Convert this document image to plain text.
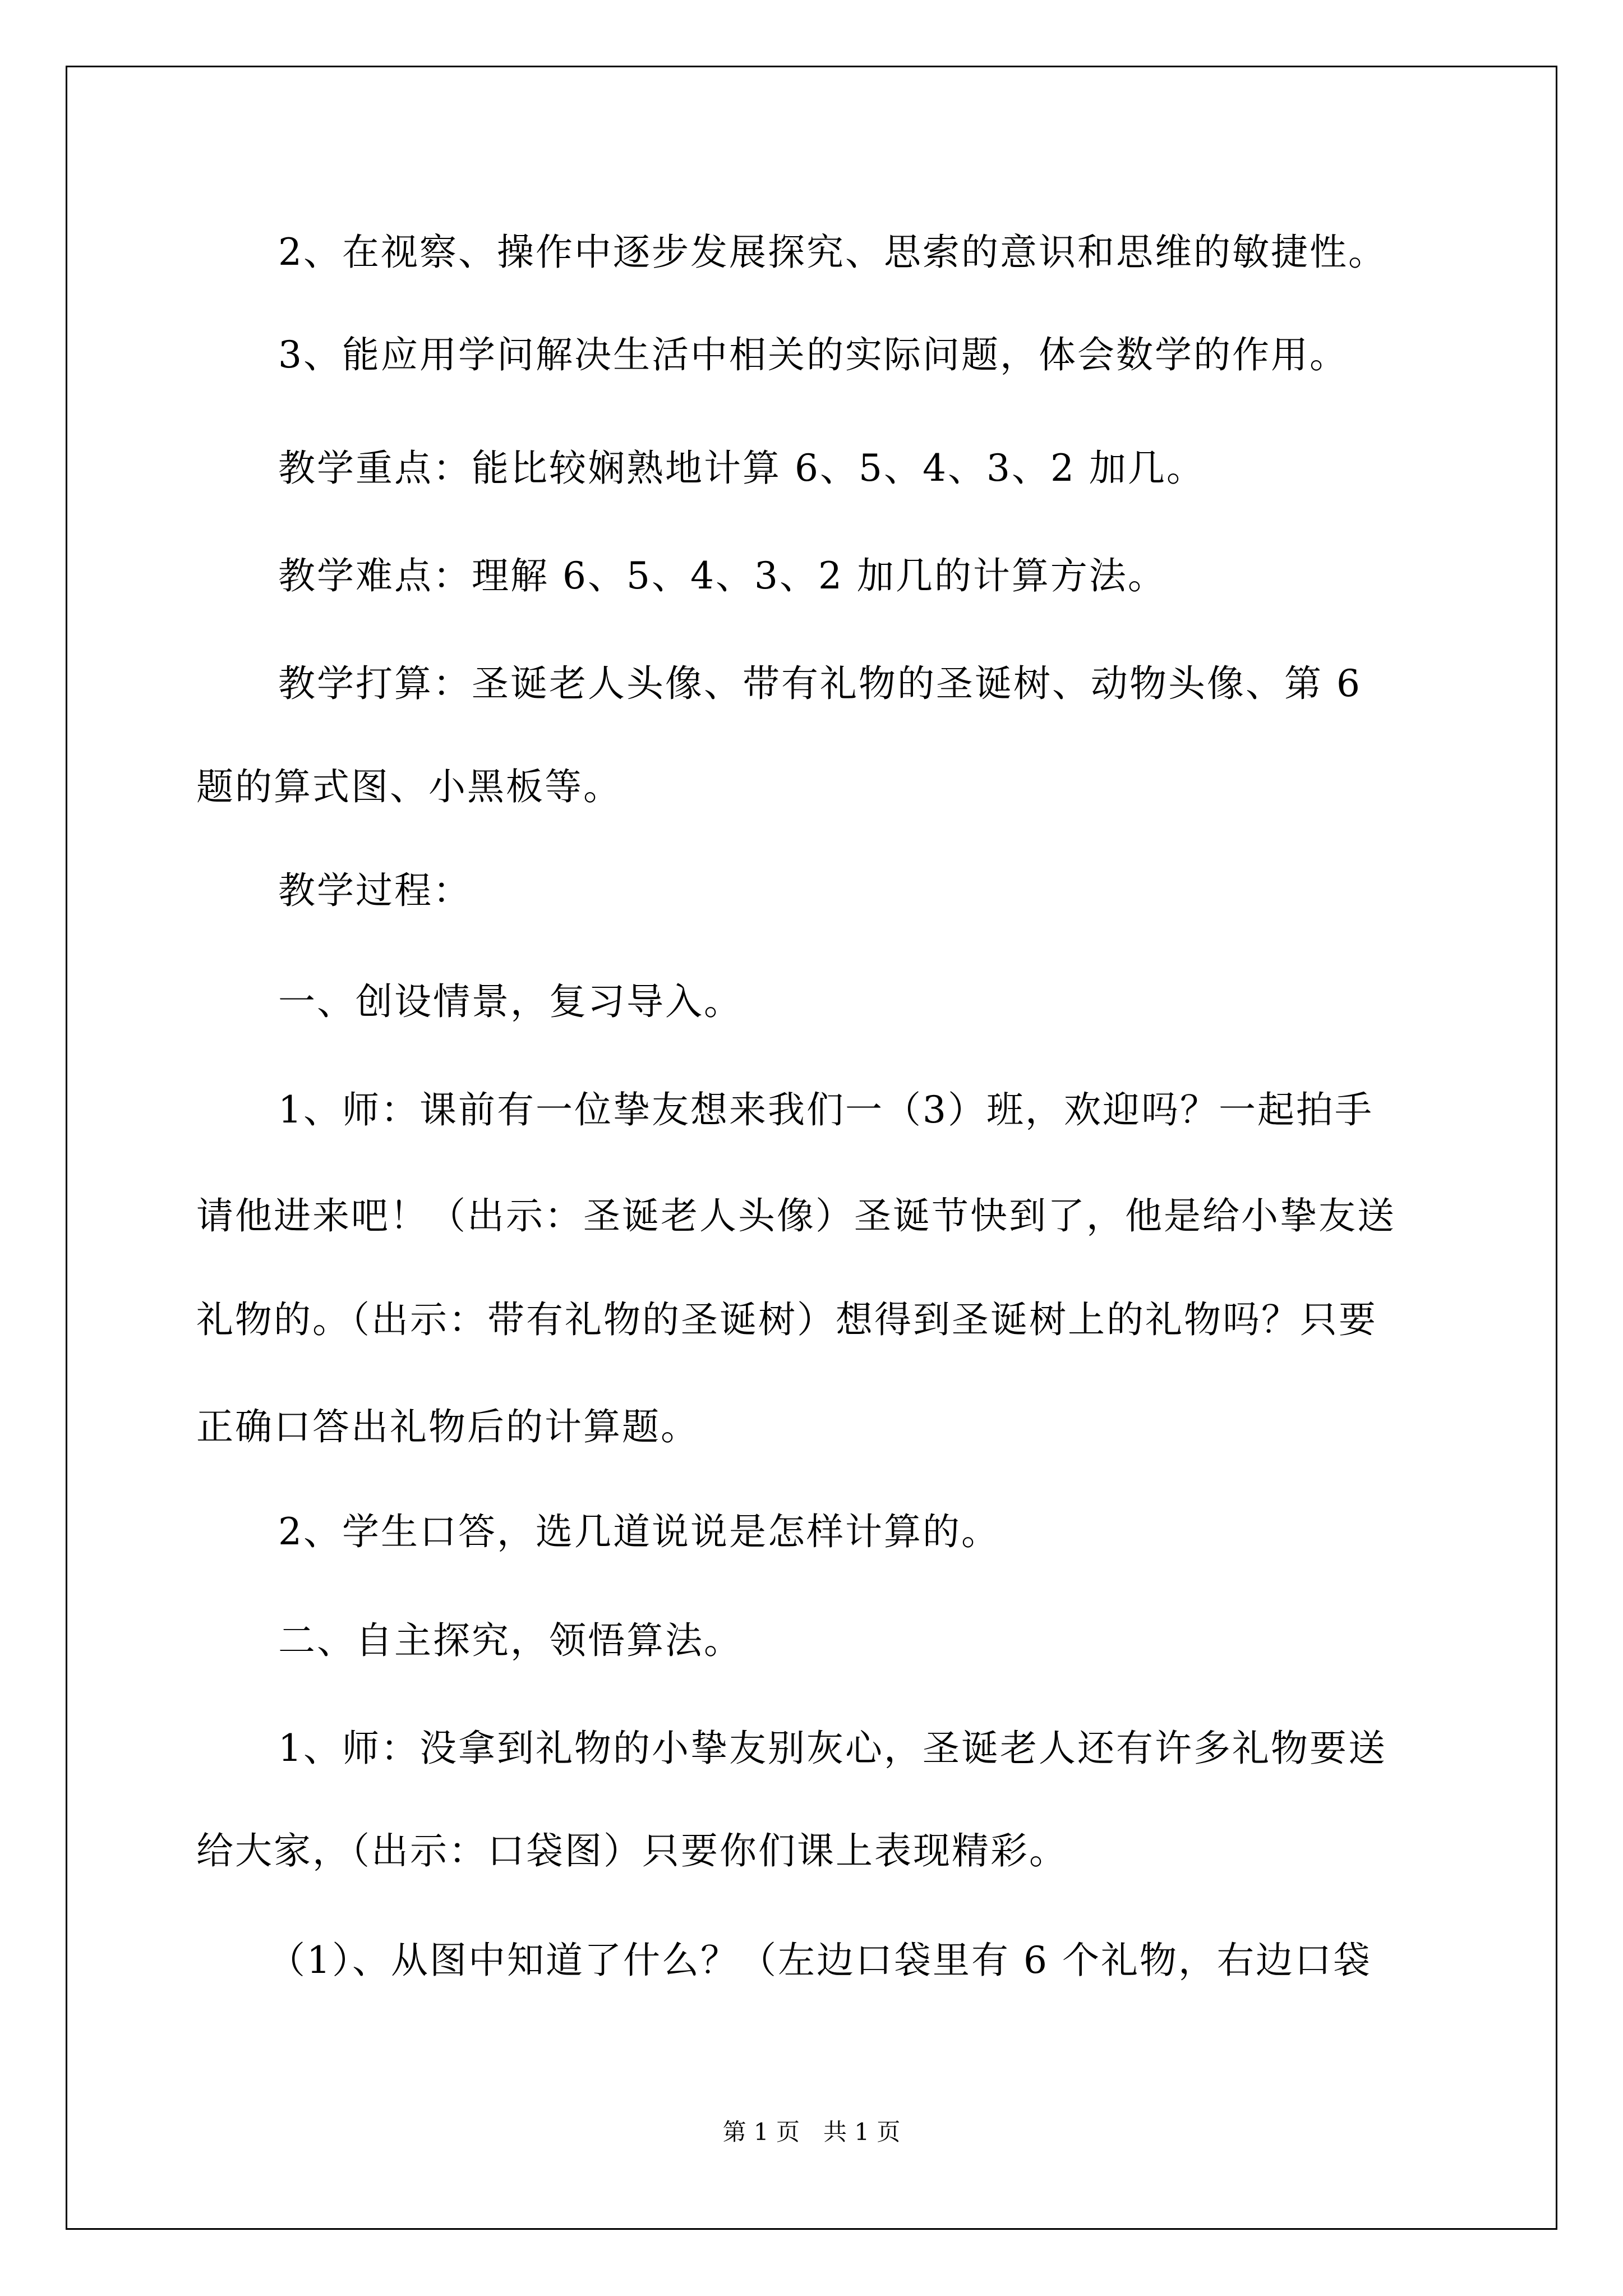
2、在视察、操作中逐步发展探究、思索的意识和思维的敏捷性。
3、能应用学问解决生活中相关的实际问题，体会数学的作用。
教学重点：能比较娴熟地计算 6、5、4、3、2 加几。
教学难点：理解 6、5、4、3、2 加几的计算方法。
教学打算：圣诞老人头像、带有礼物的圣诞树、动物头像、第 6
题的算式图、小黑板等。
教学过程：
一、创设情景，复习导入。
1、师：课前有一位挚友想来我们一（3）班，欢迎吗？一起拍手
请他进来吧！（出示：圣诞老人头像）圣诞节快到了，他是给小挚友送
礼物的。（出示：带有礼物的圣诞树）想得到圣诞树上的礼物吗？只要
正确口答出礼物后的计算题。
2、学生口答，选几道说说是怎样计算的。
二、自主探究，领悟算法。
1、师：没拿到礼物的小挚友别灰心，圣诞老人还有许多礼物要送
给大家，（出示：口袋图）只要你们课上表现精彩。
（1）、从图中知道了什么？（左边口袋里有 6 个礼物，右边口袋
第 1 页　共 1 页
